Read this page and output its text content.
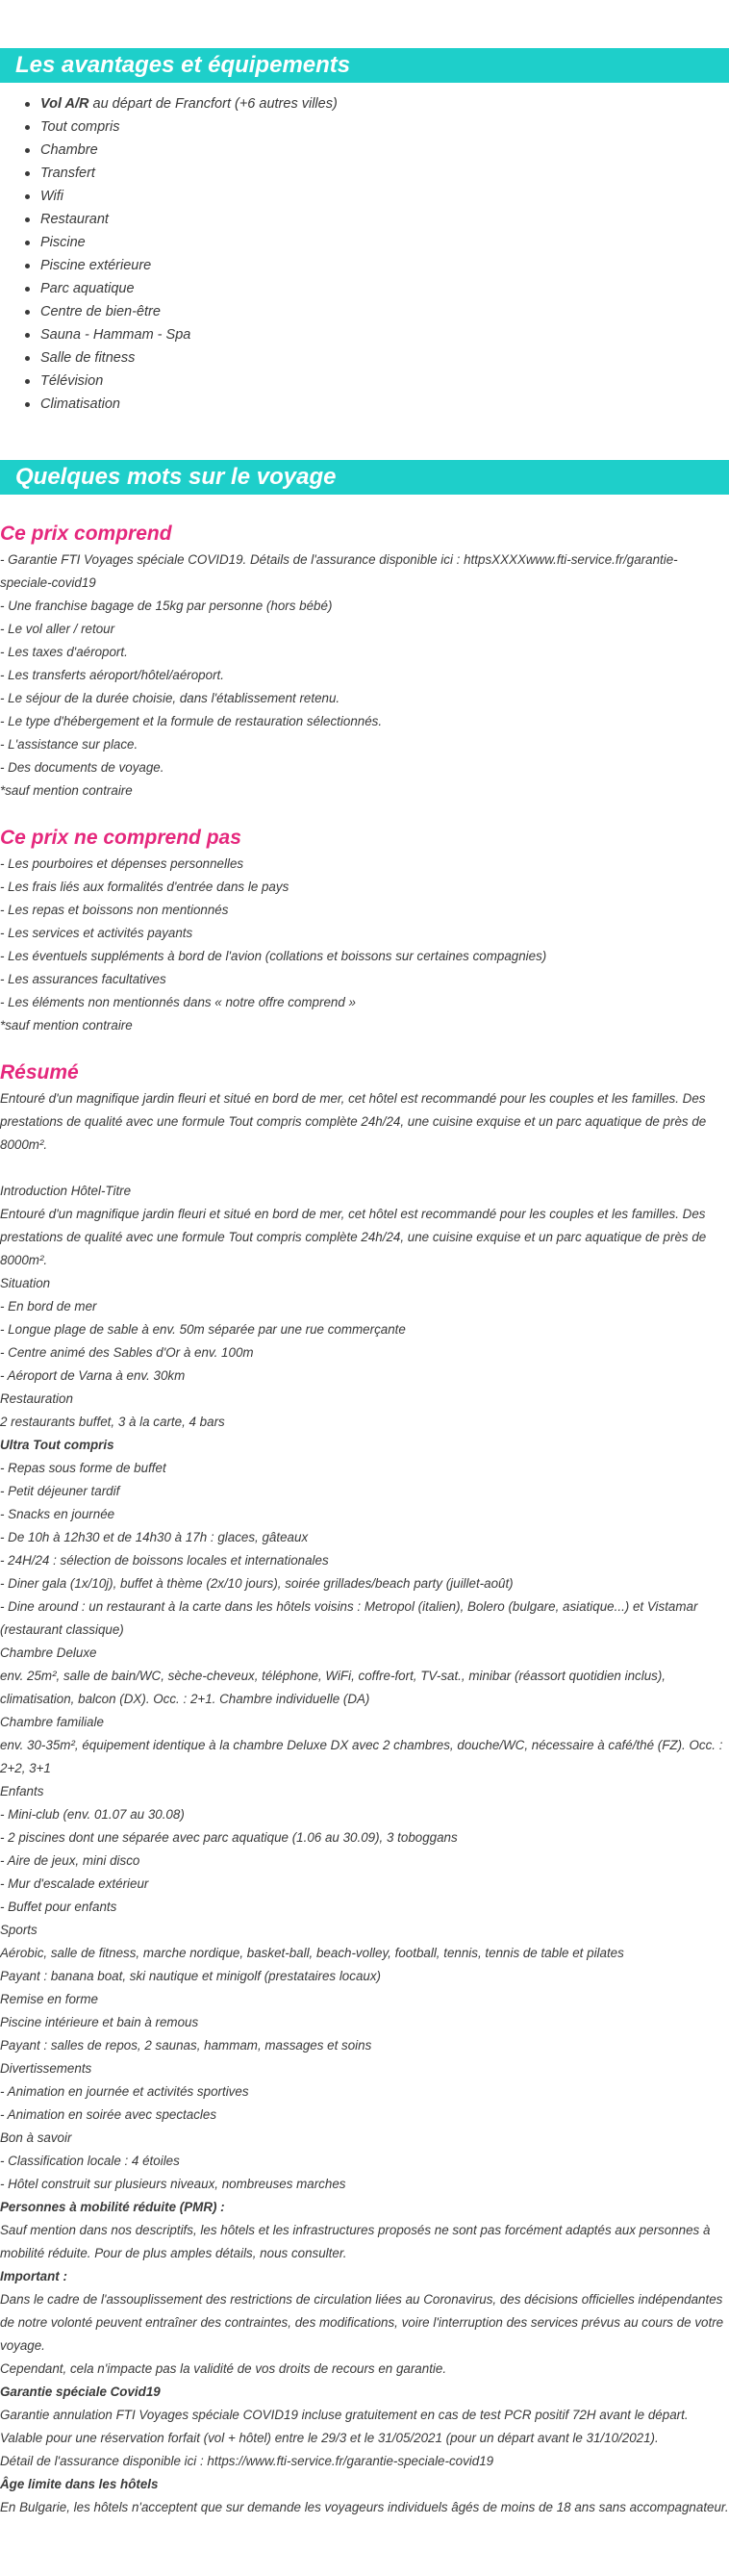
Les avantages et équipements
Vol A/R au départ de Francfort (+6 autres villes)
Tout compris
Chambre
Transfert
Wifi
Restaurant
Piscine
Piscine extérieure
Parc aquatique
Centre de bien-être
Sauna - Hammam - Spa
Salle de fitness
Télévision
Climatisation
Quelques mots sur le voyage
Ce prix comprend
- Garantie FTI Voyages spéciale COVID19. Détails de l'assurance disponible ici : httpsXXXXwww.fti-service.fr/garantie-speciale-covid19
- Une franchise bagage de 15kg par personne (hors bébé)
- Le vol aller / retour
- Les taxes d'aéroport.
- Les transferts aéroport/hôtel/aéroport.
- Le séjour de la durée choisie, dans l'établissement retenu.
- Le type d'hébergement et la formule de restauration sélectionnés.
- L'assistance sur place.
- Des documents de voyage.
*sauf mention contraire
Ce prix ne comprend pas
- Les pourboires et dépenses personnelles
- Les frais liés aux formalités d'entrée dans le pays
- Les repas et boissons non mentionnés
- Les services et activités payants
- Les éventuels suppléments à bord de l'avion (collations et boissons sur certaines compagnies)
- Les assurances facultatives
- Les éléments non mentionnés dans « notre offre comprend »
*sauf mention contraire
Résumé
Entouré d'un magnifique jardin fleuri et situé en bord de mer, cet hôtel est recommandé pour les couples et les familles. Des prestations de qualité avec une formule Tout compris complète 24h/24, une cuisine exquise et un parc aquatique de près de 8000m².
Introduction Hôtel-Titre
Entouré d'un magnifique jardin fleuri et situé en bord de mer, cet hôtel est recommandé pour les couples et les familles. Des prestations de qualité avec une formule Tout compris complète 24h/24, une cuisine exquise et un parc aquatique de près de 8000m².
Situation
- En bord de mer
- Longue plage de sable à env. 50m séparée par une rue commerçante
- Centre animé des Sables d'Or à env. 100m
- Aéroport de Varna à env. 30km
Restauration
2 restaurants buffet, 3 à la carte, 4 bars
Ultra Tout compris
- Repas sous forme de buffet
- Petit déjeuner tardif
- Snacks en journée
- De 10h à 12h30 et de 14h30 à 17h : glaces, gâteaux
- 24H/24 : sélection de boissons locales et internationales
- Diner gala (1x/10j), buffet à thème (2x/10 jours), soirée grillades/beach party (juillet-août)
- Dine around : un restaurant à la carte dans les hôtels voisins : Metropol (italien), Bolero (bulgare, asiatique...) et Vistamar (restaurant classique)
Chambre Deluxe
env. 25m², salle de bain/WC, sèche-cheveux, téléphone, WiFi, coffre-fort, TV-sat., minibar (réassort quotidien inclus), climatisation, balcon (DX). Occ. : 2+1. Chambre individuelle (DA)
Chambre familiale
env. 30-35m², équipement identique à la chambre Deluxe DX avec 2 chambres, douche/WC, nécessaire à café/thé (FZ). Occ. : 2+2, 3+1
Enfants
- Mini-club (env. 01.07 au 30.08)
- 2 piscines dont une séparée avec parc aquatique (1.06 au 30.09), 3 toboggans
- Aire de jeux, mini disco
- Mur d'escalade extérieur
- Buffet pour enfants
Sports
Aérobic, salle de fitness, marche nordique, basket-ball, beach-volley, football, tennis, tennis de table et pilates
Payant : banana boat, ski nautique et minigolf (prestataires locaux)
Remise en forme
Piscine intérieure et bain à remous
Payant : salles de repos, 2 saunas, hammam, massages et soins
Divertissements
- Animation en journée et activités sportives
- Animation en soirée avec spectacles
Bon à savoir
- Classification locale : 4 étoiles
- Hôtel construit sur plusieurs niveaux, nombreuses marches
Personnes à mobilité réduite (PMR) :
Sauf mention dans nos descriptifs, les hôtels et les infrastructures proposés ne sont pas forcément adaptés aux personnes à mobilité réduite. Pour de plus amples détails, nous consulter.
Important :
Dans le cadre de l'assouplissement des restrictions de circulation liées au Coronavirus, des décisions officielles indépendantes de notre volonté peuvent entraîner des contraintes, des modifications, voire l'interruption des services prévus au cours de votre voyage.
Cependant, cela n'impacte pas la validité de vos droits de recours en garantie.
Garantie spéciale Covid19
Garantie annulation FTI Voyages spéciale COVID19 incluse gratuitement en cas de test PCR positif 72H avant le départ.
Valable pour une réservation forfait (vol + hôtel) entre le 29/3 et le 31/05/2021 (pour un départ avant le 31/10/2021).
Détail de l'assurance disponible ici : https://www.fti-service.fr/garantie-speciale-covid19
Âge limite dans les hôtels
En Bulgarie, les hôtels n'acceptent que sur demande les voyageurs individuels âgés de moins de 18 ans sans accompagnateur.
